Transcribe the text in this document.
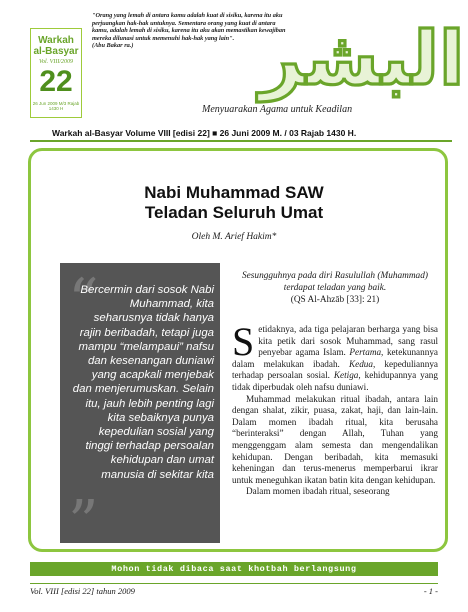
Warkah
al-Basyar
Vol. VIII/2009
22
26 Jun 2009 M/3 Rajab 1430 H
"Orang yang lemah di antara kamu adalah kuat di sisiku, karena itu aku perjuangkan hak-hak untuknya. Sementara orang yang kuat di antara kamu, adalah lemah di sisiku, karena itu aku akan memastikan kewajiban mereka dilunasi untuk memenuhi hak-hak yang lain".
(Abu Bakar ra.)	البشر
Menyuarakan Agama untuk Keadilan
Warkah al-Basyar Volume VIII [edisi 22] ■ 26 Juni 2009 M. / 03 Rajab 1430 H.
Nabi Muhammad SAW
Teladan Seluruh Umat
Oleh M. Arief Hakim*
“
”
Bercermin dari sosok Nabi Muhammad, kita seharusnya tidak hanya rajin beribadah, tetapi juga mampu “melampaui” nafsu dan kesenangan duniawi yang acapkali menjebak dan menjerumuskan. Selain itu, jauh lebih penting lagi kita sebaiknya punya kepedulian sosial yang tinggi terhadap persoalan kehidupan dan umat manusia di sekitar kita
Sesungguhnya pada diri Rasulullah (Muhammad) terdapat teladan yang baik.
(QS Al-Ahzāb [33]: 21)

Setidaknya, ada tiga pelajaran berharga yang bisa kita petik dari sosok Muhammad, sang rasul penyebar agama Islam. Pertama, ketekunannya dalam melakukan ibadah. Kedua, kepeduliannya terhadap persoalan sosial. Ketiga, kehidupannya yang tidak diperbudak oleh nafsu duniawi.

Muhammad melakukan ritual ibadah, antara lain dengan shalat, zikir, puasa, zakat, haji, dan lain-lain. Dalam momen ibadah ritual, kita berusaha “berinteraksi” dengan Allah, Tuhan yang menggenggam alam semesta dan mengendalikan kehidupan. Dengan beribadah, kita memasuki keheningan dan terus-menerus memperbarui ikrar untuk meneguhkan ikatan batin kita dengan kehidupan.

Dalam momen ibadah ritual, seseorang

Mohon tidak dibaca saat khotbah berlangsung
Vol. VIII [edisi 22] tahun 2009	- 1 -
